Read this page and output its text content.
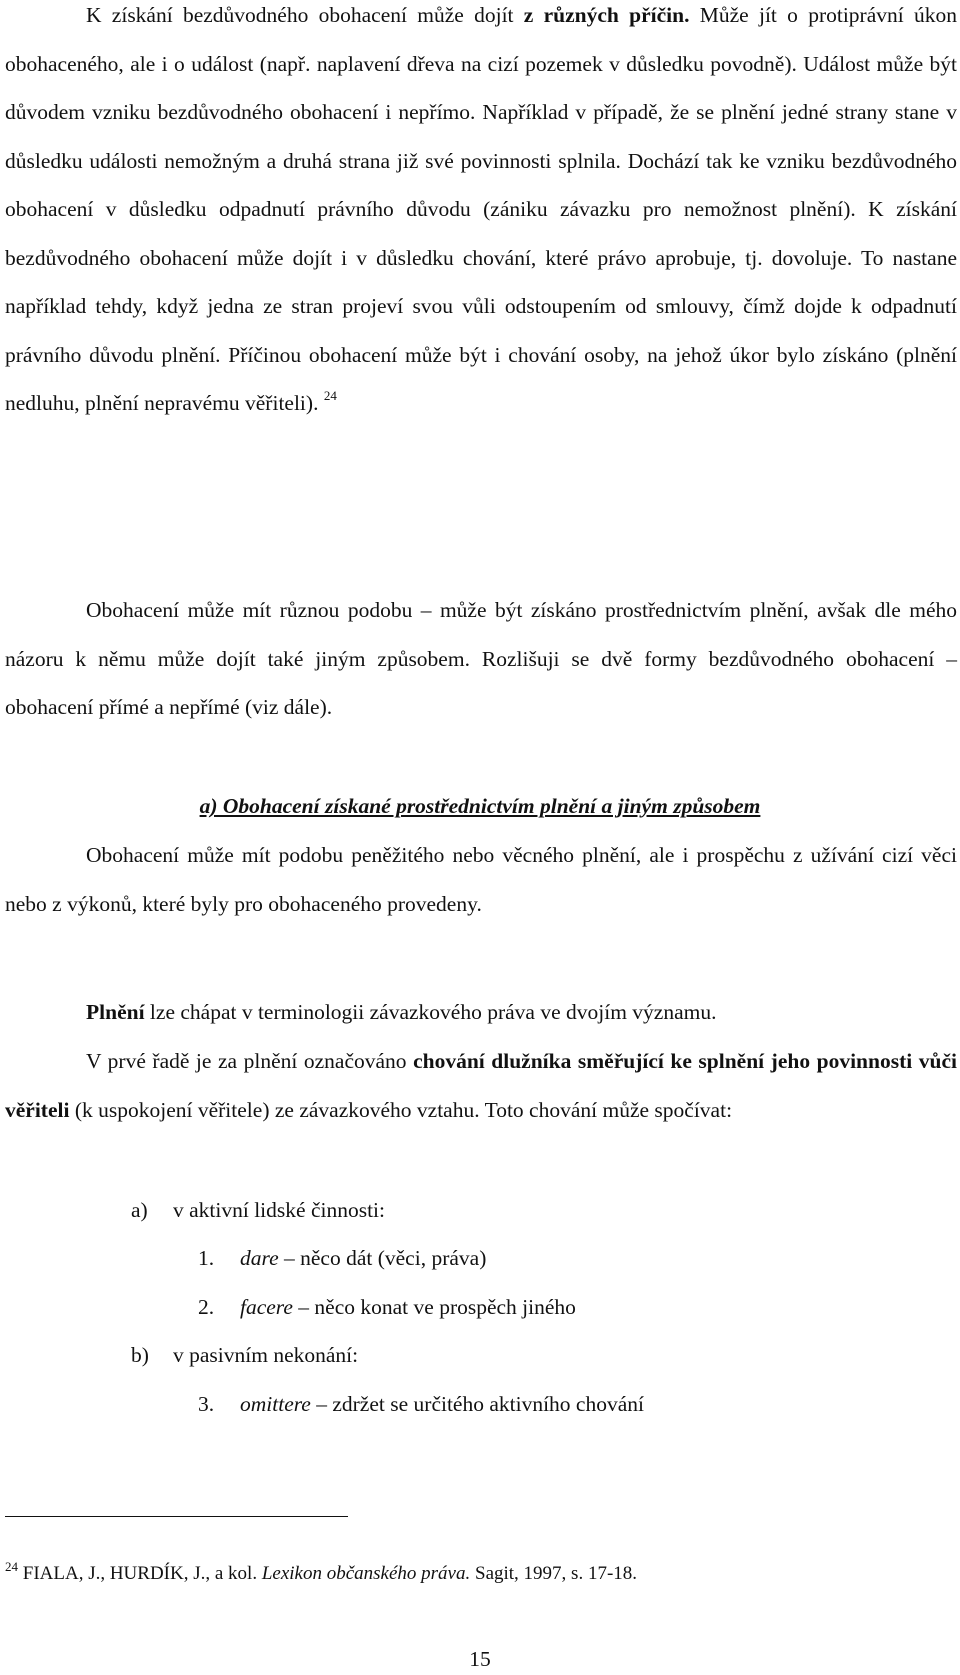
K získání bezdůvodného obohacení může dojít z různých příčin. Může jít o protiprávní úkon obohaceného, ale i o událost (např. naplavení dřeva na cizí pozemek v důsledku povodně). Událost může být důvodem vzniku bezdůvodného obohacení i nepřímo. Například v případě, že se plnění jedné strany stane v důsledku události nemožným a druhá strana již své povinnosti splnila. Dochází tak ke vzniku bezdůvodného obohacení v důsledku odpadnutí právního důvodu (zániku závazku pro nemožnost plnění). K získání bezdůvodného obohacení může dojít i v důsledku chování, které právo aprobuje, tj. dovoluje. To nastane například tehdy, když jedna ze stran projeví svou vůli odstoupením od smlouvy, čímž dojde k odpadnutí právního důvodu plnění. Příčinou obohacení může být i chování osoby, na jehož úkor bylo získáno (plnění nedluhu, plnění nepravému věřiteli). $^{24}$

Obohacení může mít různou podobu – může být získáno prostřednictvím plnění, avšak dle mého názoru k němu může dojít také jiným způsobem. Rozlišuji se dvě formy bezdůvodného obohacení – obohacení přímé a nepřímé (viz dále).

a) Obohacení získané prostřednictvím plnění a jiným způsobem

Obohacení může mít podobu peněžitého nebo věcného plnění, ale i prospěchu z užívání cizí věci nebo z výkonů, které byly pro obohaceného provedeny.

Plnění lze chápat v terminologii závazkového práva ve dvojím významu.

V prvé řadě je za plnění označováno chování dlužníka směřující ke splnění jeho povinnosti vůči věřiteli (k uspokojení věřitele) ze závazkového vztahu. Toto chování může spočívat:

a) v aktivní lidské činnosti:
1. dare – něco dát (věci, práva)
2. facere – něco konat ve prospěch jiného
b) v pasivním nekonání:
3. omittere – zdržet se určitého aktivního chování
$^{24}$ FIALA, J., HURDÍK, J., a kol. Lexikon občanského práva. Sagit, 1997, s. 17-18.
15
